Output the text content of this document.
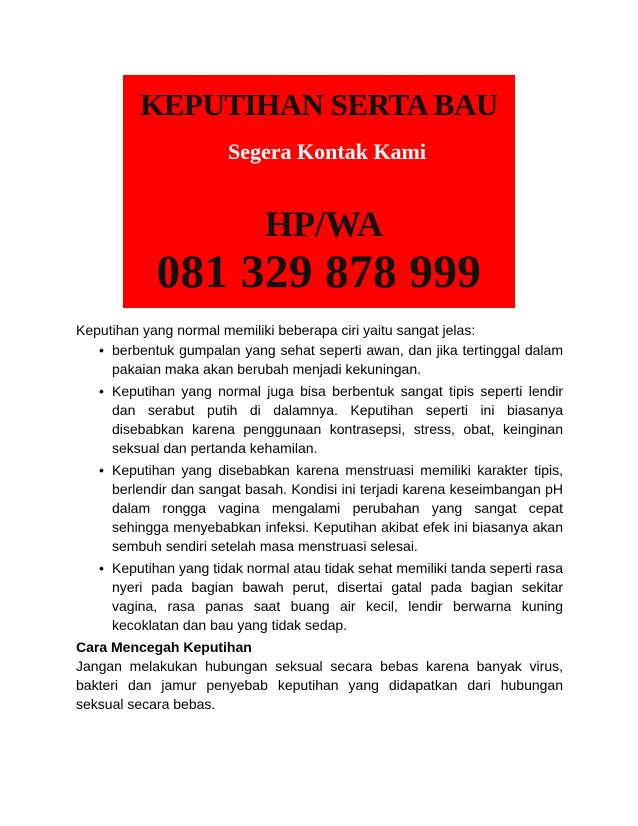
KEPUTIHAN SERTA BAU
Segera Kontak Kami
HP/WA
081 329 878 999

Keputihan yang normal memiliki beberapa ciri yaitu sangat jelas:

• berbentuk gumpalan yang sehat seperti awan, dan jika tertinggal dalam pakaian maka akan berubah menjadi kekuningan.
• Keputihan yang normal juga bisa berbentuk sangat tipis seperti lendir dan serabut putih di dalamnya. Keputihan seperti ini biasanya disebabkan karena penggunaan kontrasepsi, stress, obat, keinginan seksual dan pertanda kehamilan.
• Keputihan yang disebabkan karena menstruasi memiliki karakter tipis, berlendir dan sangat basah. Kondisi ini terjadi karena keseimbangan pH dalam rongga vagina mengalami perubahan yang sangat cepat sehingga menyebabkan infeksi. Keputihan akibat efek ini biasanya akan sembuh sendiri setelah masa menstruasi selesai.
• Keputihan yang tidak normal atau tidak sehat memiliki tanda seperti rasa nyeri pada bagian bawah perut, disertai gatal pada bagian sekitar vagina, rasa panas saat buang air kecil, lendir berwarna kuning kecoklatan dan bau yang tidak sedap.

Cara Mencegah Keputihan

Jangan melakukan hubungan seksual secara bebas karena banyak virus, bakteri dan jamur penyebab keputihan yang didapatkan dari hubungan seksual secara bebas.
